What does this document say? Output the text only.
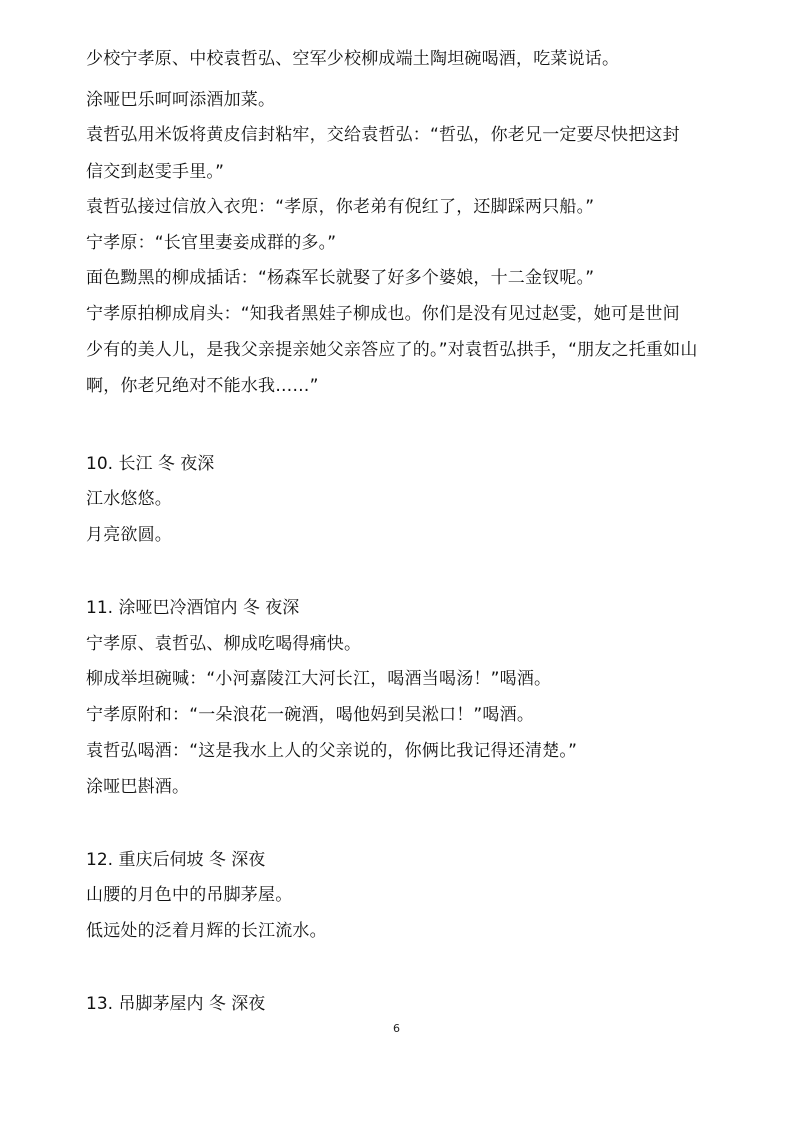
少校宁孝原、中校袁哲弘、空军少校柳成端土陶坦碗喝酒，吃菜说话。
涂哑巴乐呵呵添酒加菜。
袁哲弘用米饭将黄皮信封粘牢，交给袁哲弘：“哲弘，你老兄一定要尽快把这封
信交到赵雯手里。”
袁哲弘接过信放入衣兜：“孝原，你老弟有倪红了，还脚踩两只船。”
宁孝原：“长官里妻妾成群的多。”
面色黝黑的柳成插话：“杨森军长就娶了好多个婆娘，十二金钗呢。”
宁孝原拍柳成肩头：“知我者黑娃子柳成也。你们是没有见过赵雯，她可是世间
少有的美人儿，是我父亲提亲她父亲答应了的。”对袁哲弘拱手，“朋友之托重如山
啊，你老兄绝对不能水我……”
10. 长江 冬 夜深
江水悠悠。
月亮欲圆。
11. 涂哑巴冷酒馆内 冬 夜深
宁孝原、袁哲弘、柳成吃喝得痛快。
柳成举坦碗喊：“小河嘉陵江大河长江，喝酒当喝汤！”喝酒。
宁孝原附和：“一朵浪花一碗酒，喝他妈到吴淞口！”喝酒。
袁哲弘喝酒：“这是我水上人的父亲说的，你俩比我记得还清楚。”
涂哑巴斟酒。
12. 重庆后伺坡 冬 深夜
山腰的月色中的吊脚茅屋。
低远处的泛着月辉的长江流水。
13. 吊脚茅屋内 冬 深夜
6
